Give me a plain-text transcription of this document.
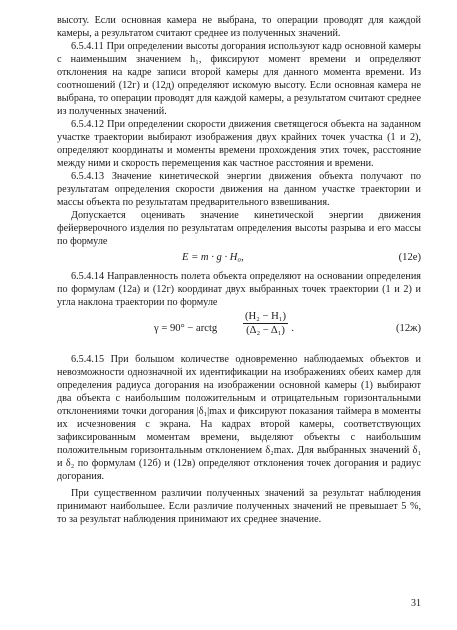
высоту. Если основная камера не выбрана, то операции проводят для каждой камеры, а результатом считают среднее из полученных значений.

6.5.4.11 При определении высоты догорания используют кадр основной камеры с наименьшим значением h₁, фиксируют момент времени и определяют отклонения на кадре записи второй камеры для данного момента времени. Из соотношений (12г) и (12д) определяют искомую высоту. Если основная камера не выбрана, то операции проводят для каждой камеры, а результатом считают среднее из полученных значений.

6.5.4.12 При определении скорости движения светящегося объекта на заданном участке траектории выбирают изображения двух крайних точек участка (1 и 2), определяют координаты и моменты времени прохождения этих точек, расстояние между ними и скорость перемещения как частное расстояния и времени.

6.5.4.13 Значение кинетической энергии движения объекта получают по результатам определения скорости движения на данном участке траектории и массы объекта по результатам предварительного взвешивания.

Допускается оценивать значение кинетической энергии движения фейерверочного изделия по результатам определения высоты разрыва и его массы по формуле

E = m · g · H₀,	(12е)

6.5.4.14 Направленность полета объекта определяют на основании определения по формулам (12а) и (12г) координат двух выбранных точек траектории (1 и 2) и угла наклона траектории по формуле

γ = 90° − arctg
(H₂ − H₁)
(Δ₂ − Δ₁) .	(12ж)

6.5.4.15 При большом количестве одновременно наблюдаемых объектов и невозможности однозначной их идентификации на изображениях обеих камер для определения радиуса догорания на изображении основной камеры (1) выбирают два объекта с наибольшим положительным и отрицательным горизонтальными отклонениями точки догорания |δ₁|max и фиксируют показания таймера в моменты их исчезновения с экрана. На кадрах второй камеры, соответствующих зафиксированным моментам времени, выделяют объекты с наибольшим положительным горизонтальным отклонением δ₂max. Для выбранных значений δ₁ и δ₂ по формулам (12б) и (12в) определяют отклонения точек догорания и радиус догорания.

При существенном различии полученных значений за результат наблюдения принимают наибольшее. Если различие полученных значений не превышает 5 %, то за результат наблюдения принимают их среднее значение.

31
